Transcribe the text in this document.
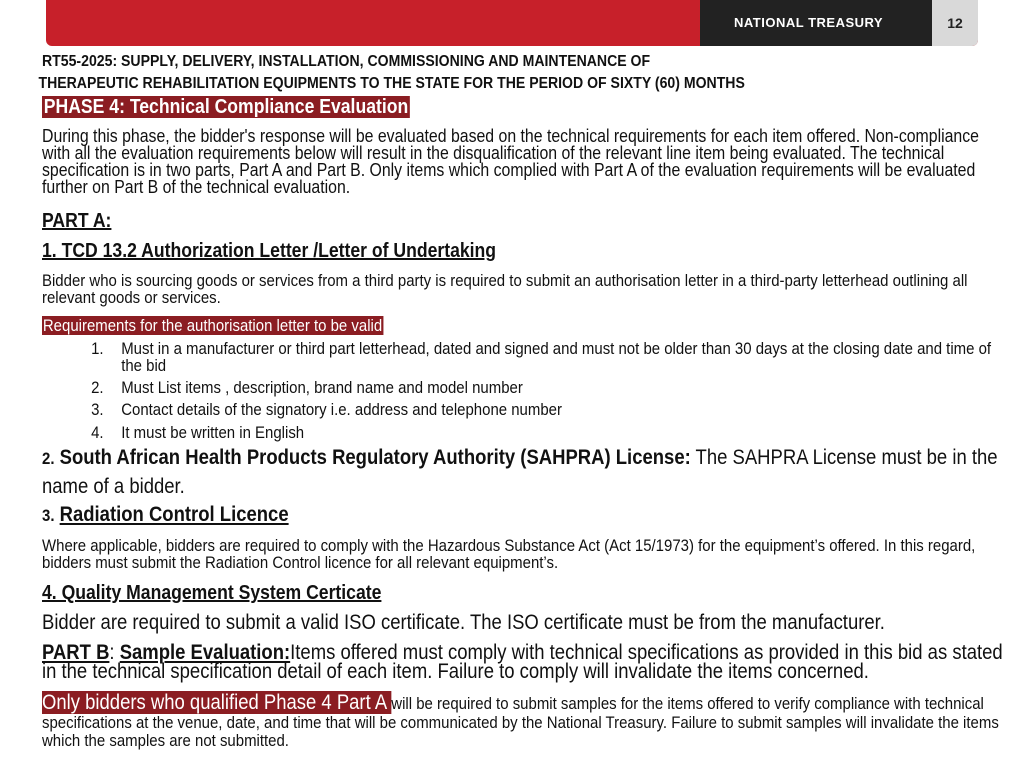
NATIONAL TREASURY	12
RT55-2025: SUPPLY, DELIVERY, INSTALLATION, COMMISSIONING AND MAINTENANCE OF
THERAPEUTIC REHABILITATION EQUIPMENTS TO THE STATE FOR THE PERIOD OF SIXTY (60) MONTHS
PHASE 4: Technical Compliance Evaluation
During this phase, the bidder's response will be evaluated based on the technical requirements for each item offered. Non-compliance with all the evaluation requirements below will result in the disqualification of the relevant line item being evaluated. The technical specification is in two parts, Part A and Part B. Only items which complied with Part A of the evaluation requirements will be evaluated further on Part B of the technical evaluation.
PART A:
1. TCD 13.2 Authorization Letter /Letter of Undertaking
Bidder who is sourcing goods or services from a third party is required to submit an authorisation letter in a third-party letterhead outlining all relevant goods or services.
Requirements for the authorisation letter to be valid
1. Must in a manufacturer or third part letterhead, dated and signed and must not be older than 30 days at the closing date and time of the bid
2. Must List items , description, brand name and model number
3. Contact details of the signatory i.e. address and telephone number
4. It must be written in English
2. South African Health Products Regulatory Authority (SAHPRA) License: The SAHPRA License must be in the name of a bidder.
3. Radiation Control Licence
Where applicable, bidders are required to comply with the Hazardous Substance Act (Act 15/1973) for the equipment’s offered. In this regard, bidders must submit the Radiation Control licence for all relevant equipment’s.
4. Quality Management System Certicate
Bidder are required to submit a valid ISO certificate. The ISO certificate must be from the manufacturer.
PART B: Sample Evaluation:Items offered must comply with technical specifications as provided in this bid as stated in the technical specification detail of each item. Failure to comply will invalidate the items concerned.
Only bidders who qualified Phase 4 Part A will be required to submit samples for the items offered to verify compliance with technical specifications at the venue, date, and time that will be communicated by the National Treasury. Failure to submit samples will invalidate the items which the samples are not submitted.
